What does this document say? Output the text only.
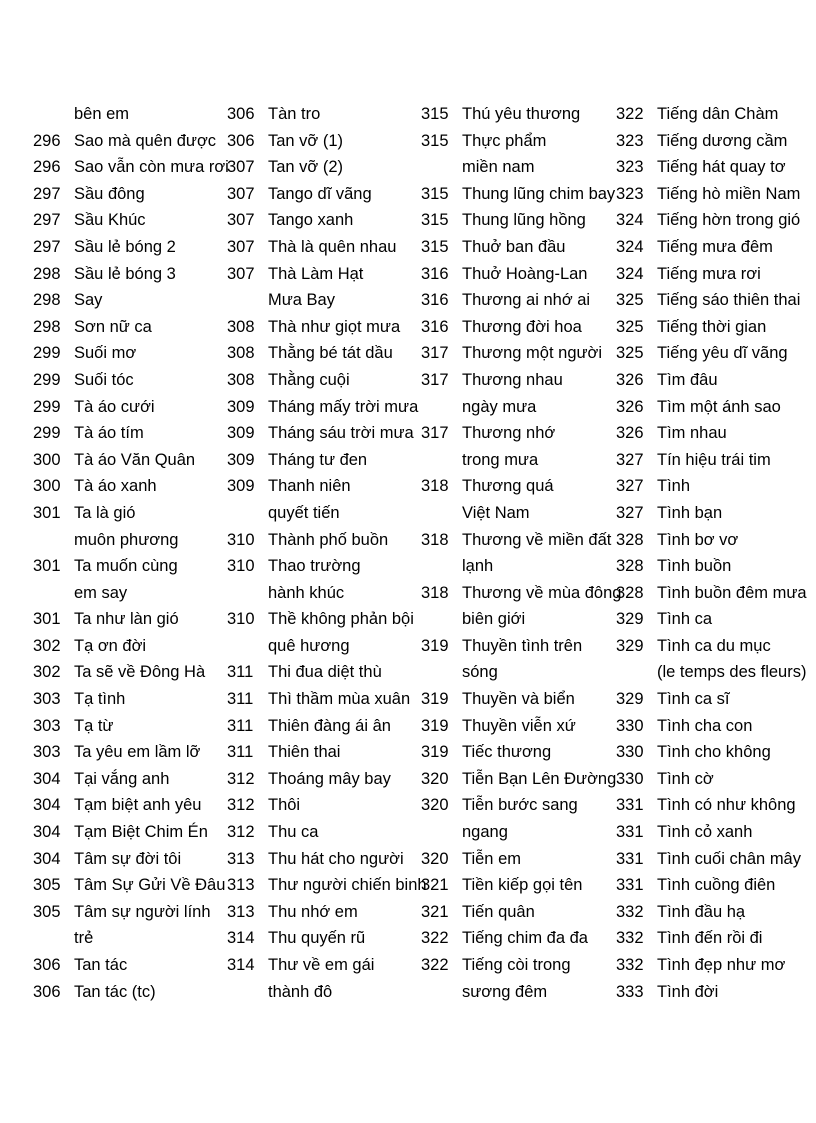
bên em
296 Sao mà quên được
296 Sao vẫn còn mưa rơi
297 Sầu đông
297 Sầu Khúc
297 Sầu lẻ bóng 2
298 Sầu lẻ bóng 3
298 Say
298 Sơn nữ ca
299 Suối mơ
299 Suối tóc
299 Tà áo cưới
299 Tà áo tím
300 Tà áo Văn Quân
300 Tà áo xanh
301 Ta là gió
muôn phương
301 Ta muốn cùng
em say
301 Ta như làn gió
302 Tạ ơn đời
302 Ta sẽ về Đông Hà
303 Tạ tình
303 Tạ từ
303 Ta yêu em lầm lỡ
304 Tại vắng anh
304 Tạm biệt anh yêu
304 Tạm Biệt Chim Én
304 Tâm sự đời tôi
305 Tâm Sự Gửi Về Đâu
305 Tâm sự người lính
trẻ
306 Tan tác
306 Tan tác (tc)
306 Tàn tro
306 Tan vỡ (1)
307 Tan vỡ (2)
307 Tango dĩ vãng
307 Tango xanh
307 Thà là quên nhau
307 Thà Làm Hạt
Mưa Bay
308 Thà như giọt mưa
308 Thằng bé tát dầu
308 Thằng cuội
309 Tháng mấy trời mưa
309 Tháng sáu trời mưa
309 Tháng tư đen
309 Thanh niên
quyết tiến
310 Thành phố buồn
310 Thao trường
hành khúc
310 Thề không phản bội
quê hương
311 Thi đua diệt thù
311 Thì thầm mùa xuân
311 Thiên đàng ái ân
311 Thiên thai
312 Thoáng mây bay
312 Thôi
312 Thu ca
313 Thu hát cho người
313 Thư người chiến binh
313 Thu nhớ em
314 Thu quyến rũ
314 Thư về em gái
thành đô
315 Thú yêu thương
315 Thực phẩm
miền nam
315 Thung lũng chim bay
315 Thung lũng hồng
315 Thuở ban đầu
316 Thuở Hoàng-Lan
316 Thương ai nhớ ai
316 Thương đời hoa
317 Thương một người
317 Thương nhau
ngày mưa
317 Thương nhớ
trong mưa
318 Thương quá
Việt Nam
318 Thương về miền đất
lạnh
318 Thương về mùa đông
biên giới
319 Thuyền tình trên
sóng
319 Thuyền và biển
319 Thuyền viễn xứ
319 Tiếc thương
320 Tiễn Bạn Lên Đường
320 Tiễn bước sang
ngang
320 Tiễn em
321 Tiền kiếp gọi tên
321 Tiến quân
322 Tiếng chim đa đa
322 Tiếng còi trong
sương đêm
322 Tiếng dân Chàm
323 Tiếng dương cầm
323 Tiếng hát quay tơ
323 Tiếng hò miền Nam
324 Tiếng hờn trong gió
324 Tiếng mưa đêm
324 Tiếng mưa rơi
325 Tiếng sáo thiên thai
325 Tiếng thời gian
325 Tiếng yêu dĩ vãng
326 Tìm đâu
326 Tìm một ánh sao
326 Tìm nhau
327 Tín hiệu trái tim
327 Tình
327 Tình bạn
328 Tình bơ vơ
328 Tình buồn
328 Tình buồn đêm mưa
329 Tình ca
329 Tình ca du mục
(le temps des fleurs)
329 Tình ca sĩ
330 Tình cha con
330 Tình cho không
330 Tình cờ
331 Tình có như không
331 Tình cỏ xanh
331 Tình cuối chân mây
331 Tình cuồng điên
332 Tình đầu hạ
332 Tình đến rồi đi
332 Tình đẹp như mơ
333 Tình đời
